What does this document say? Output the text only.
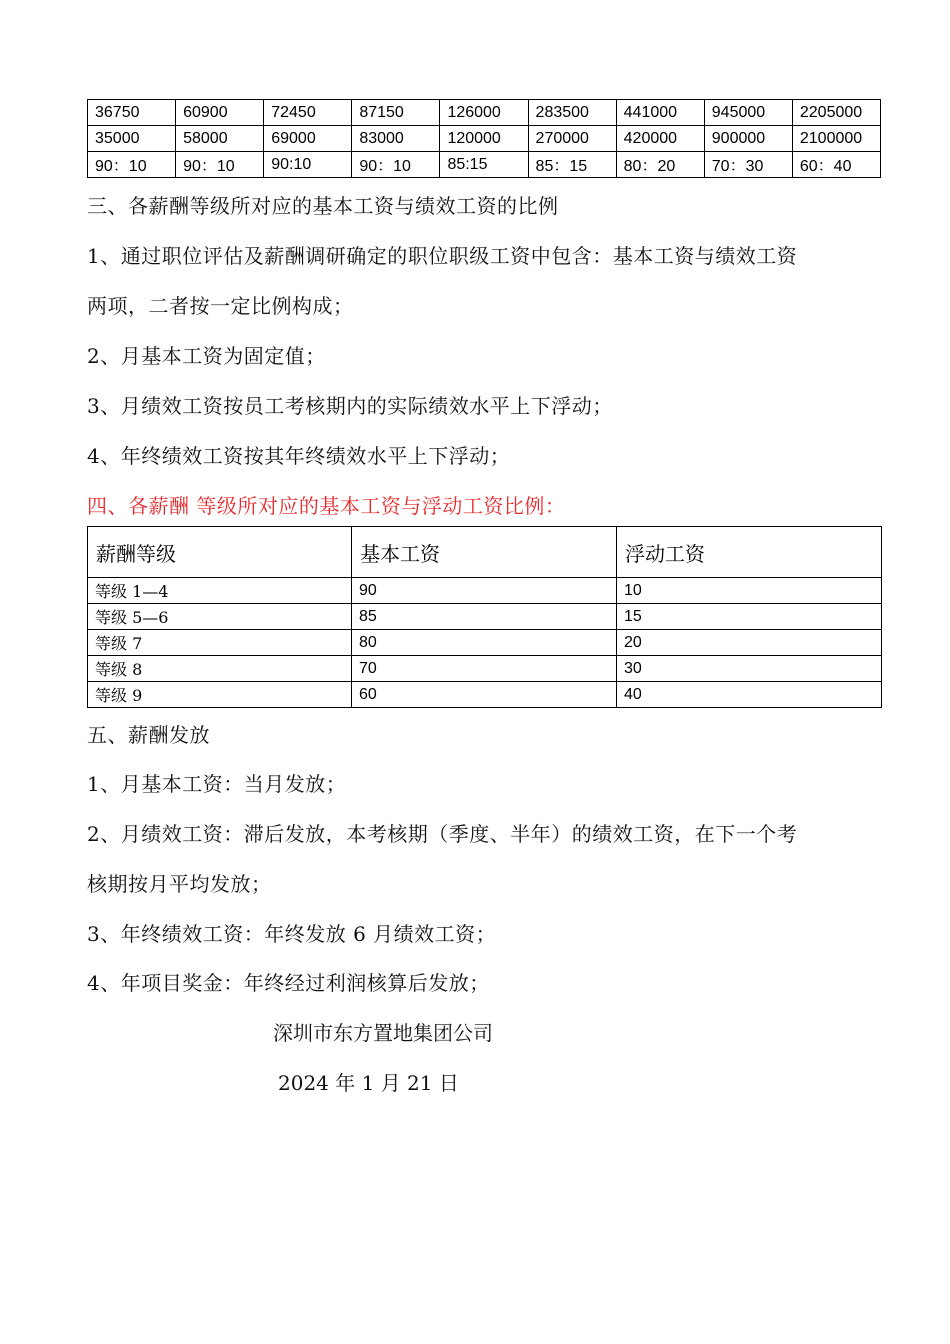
36750	60900	72450	87150	126000	283500	441000	945000	2205000
35000	58000	69000	83000	120000	270000	420000	900000	2100000
90：10	90：10	90:10	90：10	85:15	85：15	80：20	70：30	60：40
三、各薪酬等级所对应的基本工资与绩效工资的比例
1、通过职位评估及薪酬调研确定的职位职级工资中包含：基本工资与绩效工资
两项，二者按一定比例构成；
2、月基本工资为固定值；
3、月绩效工资按员工考核期内的实际绩效水平上下浮动；
4、年终绩效工资按其年终绩效水平上下浮动；
四、各薪酬 等级所对应的基本工资与浮动工资比例：
薪酬等级	基本工资	浮动工资
等级 1—4	90	10
等级 5—6	85	15
等级 7	80	20
等级 8	70	30
等级 9	60	40
五、薪酬发放
1、月基本工资：当月发放；
2、月绩效工资：滞后发放，本考核期（季度、半年）的绩效工资，在下一个考
核期按月平均发放；
3、年终绩效工资：年终发放 6 月绩效工资；
4、年项目奖金：年终经过利润核算后发放；
深圳市东方置地集团公司
2024 年 1 月 21 日
